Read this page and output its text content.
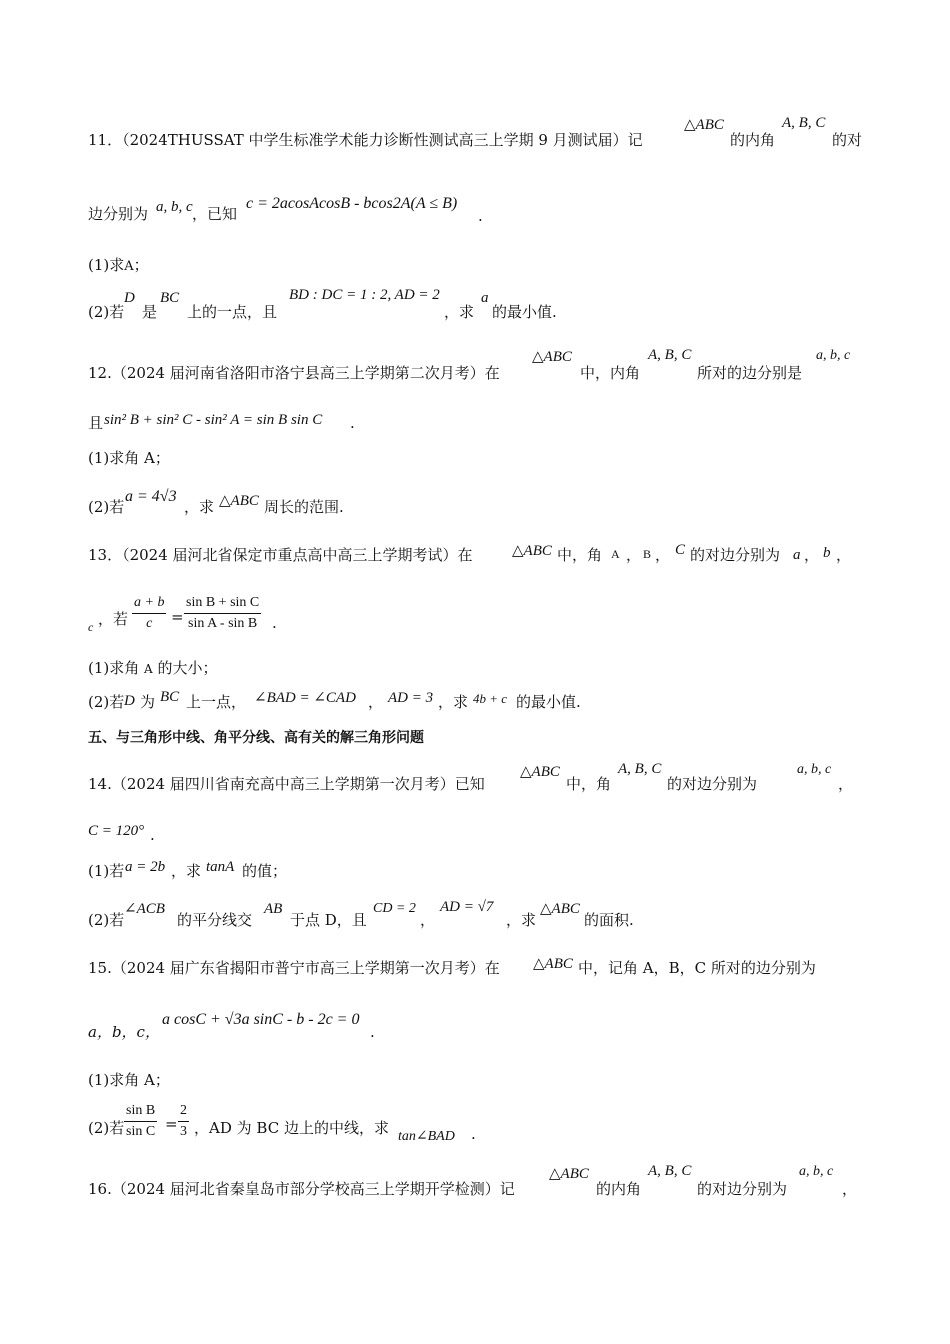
11．（2024THUSSAT 中学生标准学术能力诊断性测试高三上学期 9 月测试届）记
△ABC
的内角
A, B, C
的对
边分别为 a, b, c ，已知
c = 2acosAcosB - bcos2A(A ≤ B)
.
(1)求A；
(2)若
D
是
BC
上的一点，且
BD : DC = 1 : 2, AD = 2
，求
a
的最小值.
12.（2024 届河南省洛阳市洛宁县高三上学期第二次月考）在
△ABC
中，内角
A, B, C
所对的边分别是
a, b, c
且 sin² B + sin² C - sin² A = sin B sin C .
(1)求角 A；
(2)若
a = 4√3
，求 △ABC 周长的范围.
13．（2024 届河北省保定市重点高中高三上学期考试）在	△ABC 中，角 A ， B ， C 的对边分别为 a ， b ，
c ，若 $\frac{a + b}{c} = \frac{\text{sin B + sin C}}{\text{sin A - sin B}}$ .
(1)求角 A 的大小；
(2)若 D 为 BC 上一点， ∠BAD = ∠CAD ， AD = 3 ，求 4b + c 的最小值.
五、与三角形中线、角平分线、高有关的解三角形问题
14.（2024 届四川省南充高中高三上学期第一次月考）已知
△ABC
中，角
A, B, C
的对边分别为
a, b, c
，
C = 120° .
(1)若 a = 2b ，求 tanA 的值；
(2)若
∠ACB
的平分线交
AB
于点 D，且
CD = 2
，
AD = √7
，求
△ABC
的面积.
15.（2024 届广东省揭阳市普宁市高三上学期第一次月考）在 △ABC 中，记角 A，B，C 所对的边分别为
a，b，c，
a cosC + √3a sinC - b - 2c = 0
.
(1)求角 A；
(2)若 $\frac{\text{sin B}}{\text{sin C}} = \frac{2}{3}$ ，AD 为 BC 边上的中线，求 tan∠BAD .
16.（2024 届河北省秦皇岛市部分学校高三上学期开学检测）记
△ABC
的内角
A, B, C
的对边分别为
a, b, c
，
